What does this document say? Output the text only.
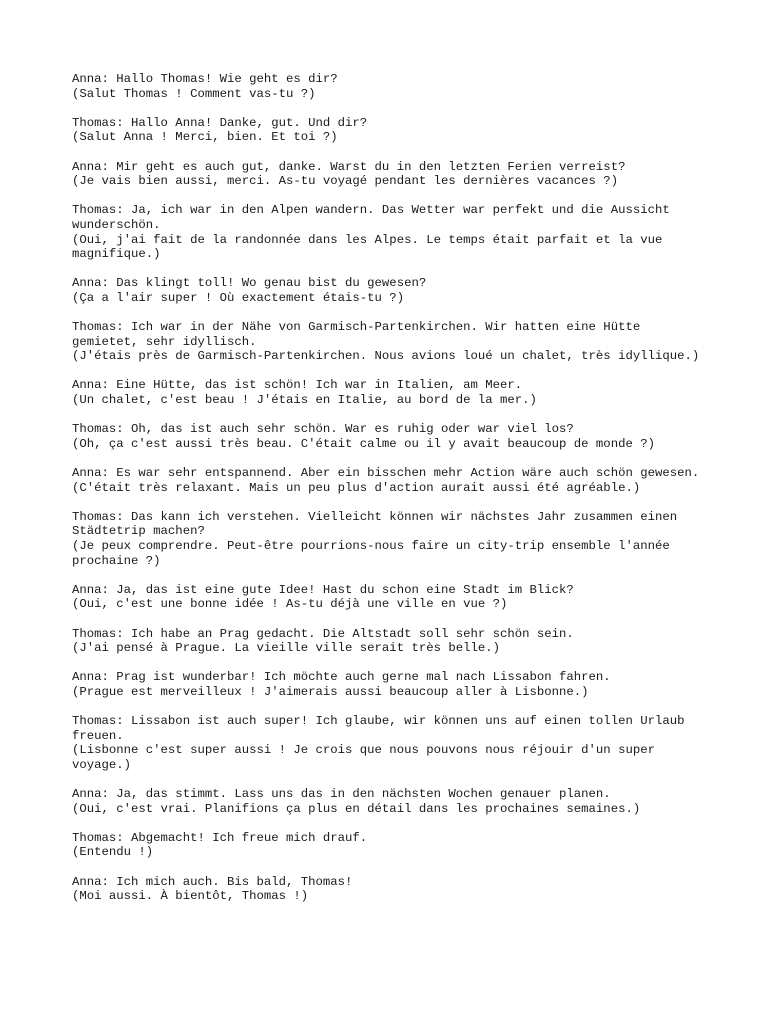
Anna: Hallo Thomas! Wie geht es dir?
(Salut Thomas ! Comment vas-tu ?)
Thomas: Hallo Anna! Danke, gut. Und dir?
(Salut Anna ! Merci, bien. Et toi ?)
Anna: Mir geht es auch gut, danke. Warst du in den letzten Ferien verreist?
(Je vais bien aussi, merci. As-tu voyagé pendant les dernières vacances ?)
Thomas: Ja, ich war in den Alpen wandern. Das Wetter war perfekt und die Aussicht wunderschön.
(Oui, j'ai fait de la randonnée dans les Alpes. Le temps était parfait et la vue magnifique.)
Anna: Das klingt toll! Wo genau bist du gewesen?
(Ça a l'air super ! Où exactement étais-tu ?)
Thomas: Ich war in der Nähe von Garmisch-Partenkirchen. Wir hatten eine Hütte gemietet, sehr idyllisch.
(J'étais près de Garmisch-Partenkirchen. Nous avions loué un chalet, très idyllique.)
Anna: Eine Hütte, das ist schön! Ich war in Italien, am Meer.
(Un chalet, c'est beau ! J'étais en Italie, au bord de la mer.)
Thomas: Oh, das ist auch sehr schön. War es ruhig oder war viel los?
(Oh, ça c'est aussi très beau. C'était calme ou il y avait beaucoup de monde ?)
Anna: Es war sehr entspannend. Aber ein bisschen mehr Action wäre auch schön gewesen.
(C'était très relaxant. Mais un peu plus d'action aurait aussi été agréable.)
Thomas: Das kann ich verstehen. Vielleicht können wir nächstes Jahr zusammen einen Städtetrip machen?
(Je peux comprendre. Peut-être pourrions-nous faire un city-trip ensemble l'année prochaine ?)
Anna: Ja, das ist eine gute Idee! Hast du schon eine Stadt im Blick?
(Oui, c'est une bonne idée ! As-tu déjà une ville en vue ?)
Thomas: Ich habe an Prag gedacht. Die Altstadt soll sehr schön sein.
(J'ai pensé à Prague. La vieille ville serait très belle.)
Anna: Prag ist wunderbar! Ich möchte auch gerne mal nach Lissabon fahren.
(Prague est merveilleux ! J'aimerais aussi beaucoup aller à Lisbonne.)
Thomas: Lissabon ist auch super! Ich glaube, wir können uns auf einen tollen Urlaub freuen.
(Lisbonne c'est super aussi ! Je crois que nous pouvons nous réjouir d'un super voyage.)
Anna: Ja, das stimmt. Lass uns das in den nächsten Wochen genauer planen.
(Oui, c'est vrai. Planifions ça plus en détail dans les prochaines semaines.)
Thomas: Abgemacht! Ich freue mich drauf.
(Entendu !)
Anna: Ich mich auch. Bis bald, Thomas!
(Moi aussi. À bientôt, Thomas !)
